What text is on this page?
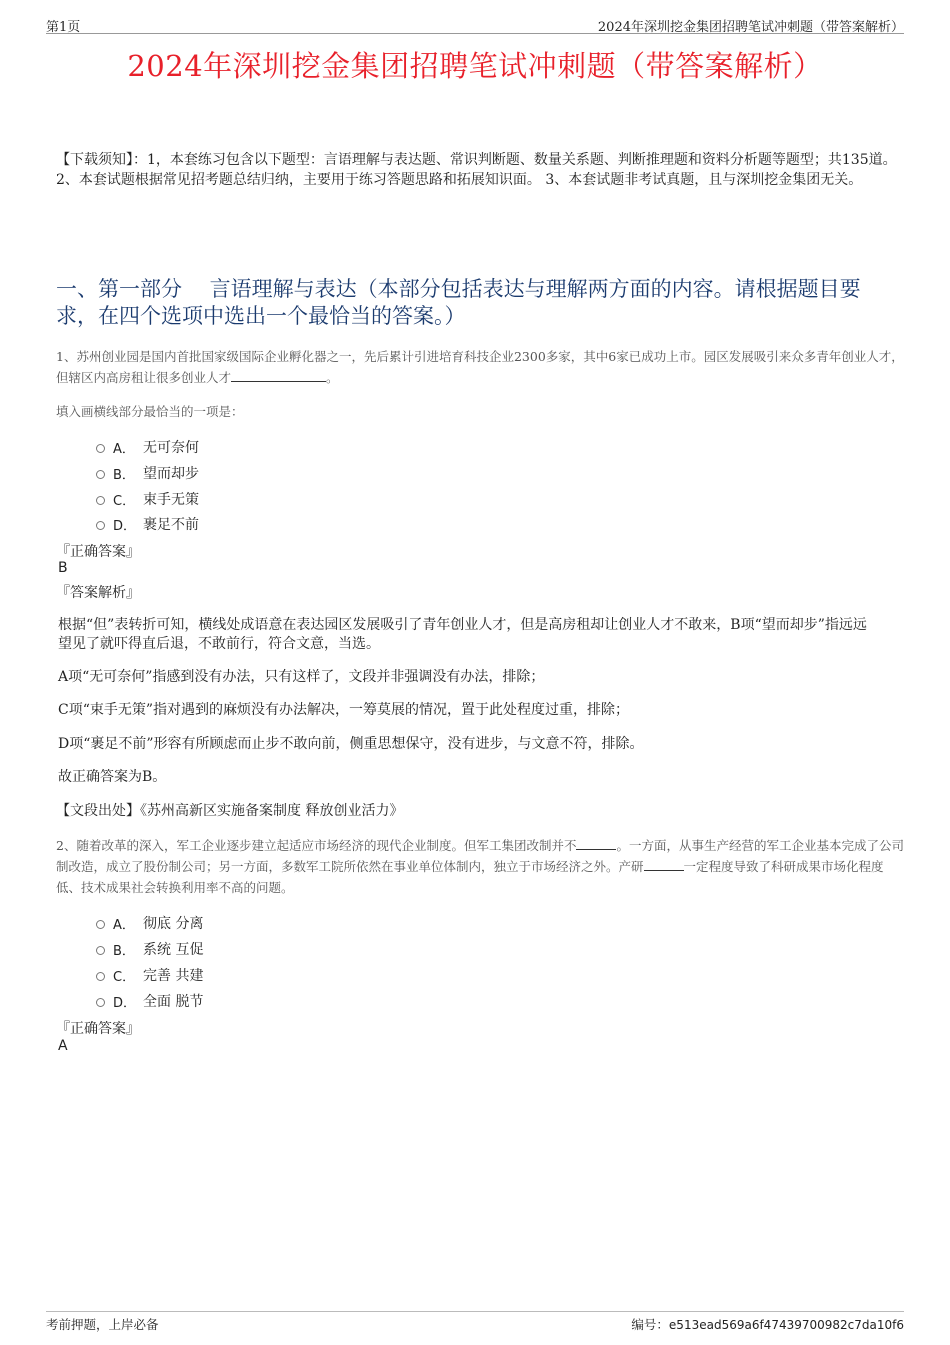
第1页	2024年深圳挖金集团招聘笔试冲刺题（带答案解析）
2024年深圳挖金集团招聘笔试冲刺题（带答案解析）
【下载须知】：1，本套练习包含以下题型：言语理解与表达题、常识判断题、数量关系题、判断推理题和资料分析题等题型；共135道。 2、本套试题根据常见招考题总结归纳，主要用于练习答题思路和拓展知识面。 3、本套试题非考试真题，且与深圳挖金集团无关。
一、第一部分　 言语理解与表达（本部分包括表达与理解两方面的内容。请根据题目要求，在四个选项中选出一个最恰当的答案。）
1、苏州创业园是国内首批国家级国际企业孵化器之一，先后累计引进培育科技企业2300多家，其中6家已成功上市。园区发展吸引来众多青年创业人才，但辖区内高房租让很多创业人才	。
填入画横线部分最恰当的一项是：
A． 无可奈何
B． 望而却步
C． 束手无策
D． 裹足不前
『正确答案』
B
『答案解析』
根据“但”表转折可知，横线处成语意在表达园区发展吸引了青年创业人才，但是高房租却让创业人才不敢来，B项“望而却步”指远远望见了就吓得直后退，不敢前行，符合文意，当选。
A项“无可奈何”指感到没有办法，只有这样了，文段并非强调没有办法，排除；
C项“束手无策”指对遇到的麻烦没有办法解决，一筹莫展的情况，置于此处程度过重，排除；
D项“裹足不前”形容有所顾虑而止步不敢向前，侧重思想保守，没有进步，与文意不符，排除。
故正确答案为B。
【文段出处】《苏州高新区实施备案制度 释放创业活力》
2、随着改革的深入，军工企业逐步建立起适应市场经济的现代企业制度。但军工集团改制并不	。一方面，从事生产经营的军工企业基本完成了公司制改造，成立了股份制公司；另一方面，多数军工院所依然在事业单位体制内，独立于市场经济之外。产研	一定程度导致了科研成果市场化程度低、技术成果社会转换利用率不高的问题。
A． 彻底 分离
B． 系统 互促
C． 完善 共建
D． 全面 脱节
『正确答案』
A
考前押题，上岸必备	编号：e513ead569a6f47439700982c7da10f6
